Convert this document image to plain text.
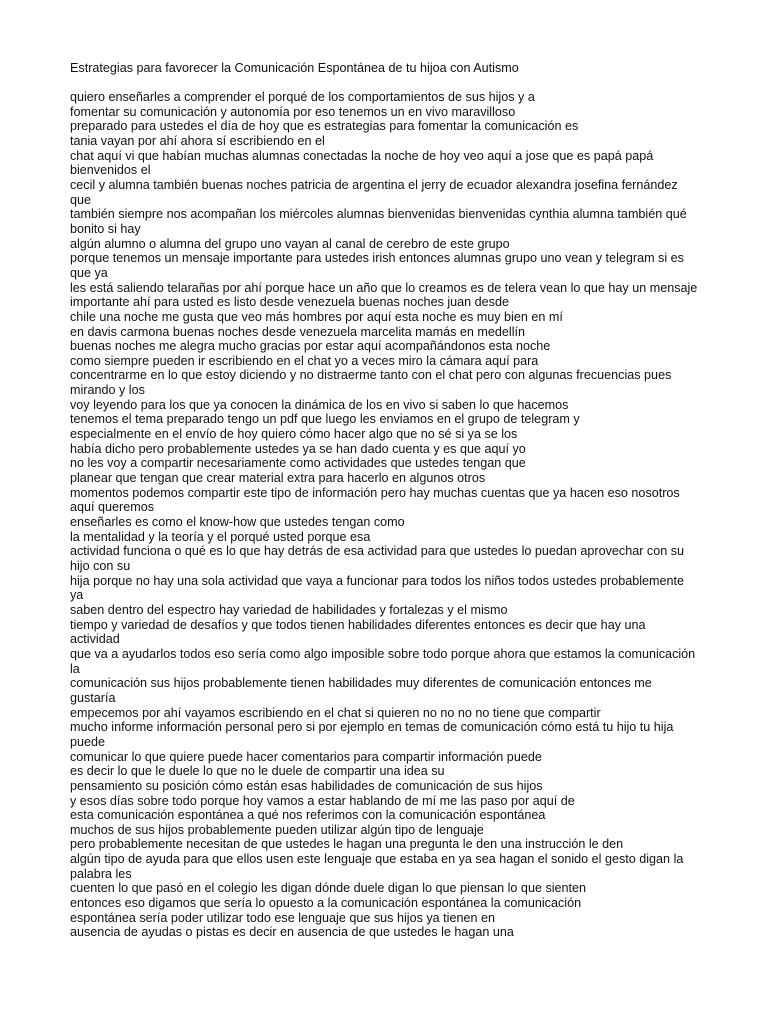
Estrategias para favorecer la Comunicación Espontánea de tu hijoa con Autismo
quiero enseñarles a comprender el porqué de los comportamientos de sus hijos y a
fomentar su comunicación y autonomía por eso tenemos un en vivo maravilloso
preparado para ustedes el día de hoy que es estrategias para fomentar la comunicación es
tania vayan por ahí ahora sí escribiendo en el
chat aquí vi que habían muchas alumnas conectadas la noche de hoy veo aquí a jose que es papá papá
bienvenidos el
cecil y alumna también buenas noches patricia de argentina el jerry de ecuador alexandra josefina fernández
que
también siempre nos acompañan los miércoles alumnas bienvenidas bienvenidas cynthia alumna también qué
bonito si hay
algún alumno o alumna del grupo uno vayan al canal de cerebro de este grupo
porque tenemos un mensaje importante para ustedes irish entonces alumnas grupo uno vean y telegram si es
que ya
les está saliendo telarañas por ahí porque hace un año que lo creamos es de telera vean lo que hay un mensaje
importante ahí para usted es listo desde venezuela buenas noches juan desde
chile una noche me gusta que veo más hombres por aquí esta noche es muy bien en mí
en davis carmona buenas noches desde venezuela marcelita mamás en medellín
buenas noches me alegra mucho gracias por estar aquí acompañándonos esta noche
como siempre pueden ir escribiendo en el chat yo a veces miro la cámara aquí para
concentrarme en lo que estoy diciendo y no distraerme tanto con el chat pero con algunas frecuencias pues
mirando y los
voy leyendo para los que ya conocen la dinámica de los en vivo si saben lo que hacemos
tenemos el tema preparado tengo un pdf que luego les enviamos en el grupo de telegram y
especialmente en el envío de hoy quiero cómo hacer algo que no sé si ya se los
había dicho pero probablemente ustedes ya se han dado cuenta y es que aquí yo
no les voy a compartir necesariamente como actividades que ustedes tengan que
planear que tengan que crear material extra para hacerlo en algunos otros
momentos podemos compartir este tipo de información pero hay muchas cuentas que ya hacen eso nosotros
aquí queremos
enseñarles es como el know-how que ustedes tengan como
la mentalidad y la teoría y el porqué usted porque esa
actividad funciona o qué es lo que hay detrás de esa actividad para que ustedes lo puedan aprovechar con su
hijo con su
hija porque no hay una sola actividad que vaya a funcionar para todos los niños todos ustedes probablemente
ya
saben dentro del espectro hay variedad de habilidades y fortalezas y el mismo
tiempo y variedad de desafíos y que todos tienen habilidades diferentes entonces es decir que hay una
actividad
que va a ayudarlos todos eso sería como algo imposible sobre todo porque ahora que estamos la comunicación
la
comunicación sus hijos probablemente tienen habilidades muy diferentes de comunicación entonces me
gustaría
empecemos por ahí vayamos escribiendo en el chat si quieren no no no no tiene que compartir
mucho informe información personal pero si por ejemplo en temas de comunicación cómo está tu hijo tu hija
puede
comunicar lo que quiere puede hacer comentarios para compartir información puede
es decir lo que le duele lo que no le duele de compartir una idea su
pensamiento su posición cómo están esas habilidades de comunicación de sus hijos
y esos días sobre todo porque hoy vamos a estar hablando de mí me las paso por aquí de
esta comunicación espontánea a qué nos referimos con la comunicación espontánea
muchos de sus hijos probablemente pueden utilizar algún tipo de lenguaje
pero probablemente necesitan de que ustedes le hagan una pregunta le den una instrucción le den
algún tipo de ayuda para que ellos usen este lenguaje que estaba en ya sea hagan el sonido el gesto digan la
palabra les
cuenten lo que pasó en el colegio les digan dónde duele digan lo que piensan lo que sienten
entonces eso digamos que sería lo opuesto a la comunicación espontánea la comunicación
espontánea sería poder utilizar todo ese lenguaje que sus hijos ya tienen en
ausencia de ayudas o pistas es decir en ausencia de que ustedes le hagan una
